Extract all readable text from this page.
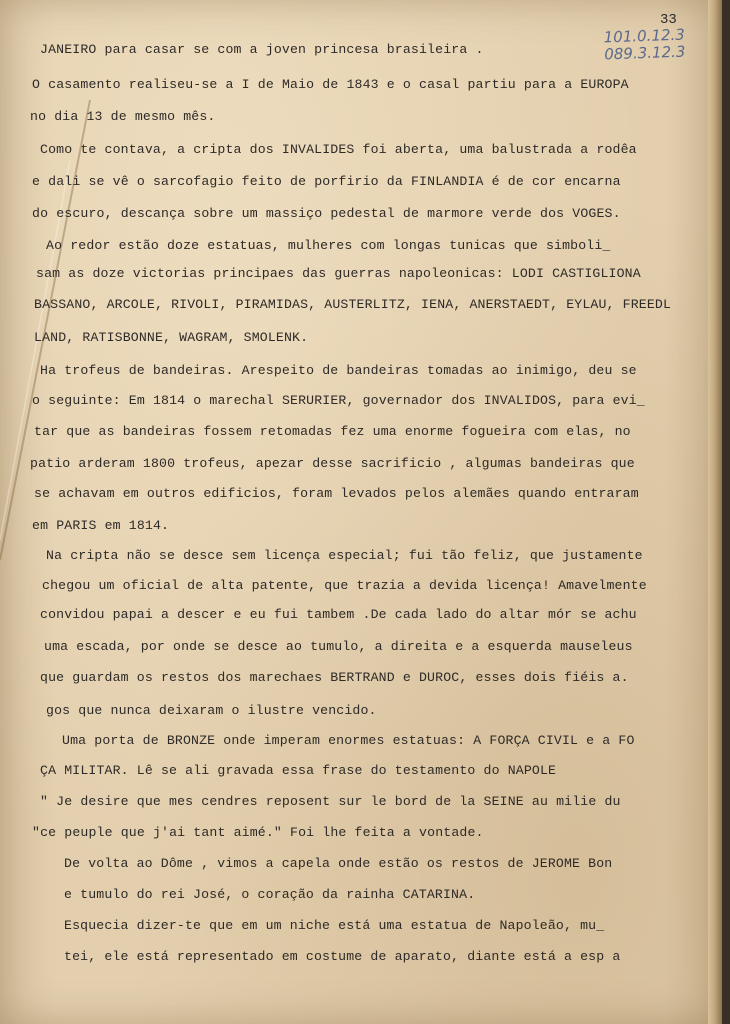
33
101.0.12.3
089.3.12.3
JANEIRO para casar se com a joven princesa brasileira .
O casamento realiseu-se a I de Maio de 1843 e o casal partiu para a EUROPA
no dia 13 de mesmo mês.
Como te contava, a cripta dos INVALIDES foi aberta, uma balustrada a rodêa
e dali se vê o sarcofagio feito de porfirio da FINLANDIA é de cor encarna
do escuro, descança sobre um massiço pedestal de marmore verde dos VOGES.
Ao redor estão doze estatuas, mulheres com longas tunicas que simboli_
sam as doze victorias principaes das guerras napoleonicas: LODI CASTIGLIONA
BASSANO, ARCOLE, RIVOLI, PIRAMIDAS, AUSTERLITZ, IENA, ANERSTAEDT, EYLAU, FREEDL
LAND, RATISBONNE, WAGRAM, SMOLENK.
Ha trofeus de bandeiras. Arespeito de bandeiras tomadas ao inimigo, deu se
o seguinte: Em 1814 o marechal SERURIER, governador dos INVALIDOS, para evi_
tar que as bandeiras fossem retomadas fez uma enorme fogueira com elas, no
patio arderam 1800 trofeus, apezar desse sacrificio , algumas bandeiras que
se achavam em outros edificios, foram levados pelos alemães quando entraram
em PARIS em 1814.
Na cripta não se desce sem licença especial; fui tão feliz, que justamente
chegou um oficial de alta patente, que trazia a devida licença! Amavelmente
convidou papai a descer e eu fui tambem .De cada lado do altar mór se achu
uma escada, por onde se desce ao tumulo, a direita e a esquerda mauseleus
que guardam os restos dos marechaes BERTRAND e DUROC, esses dois fiéis a.
gos que nunca deixaram o ilustre vencido.
Uma porta de BRONZE onde imperam enormes estatuas: A FORÇA CIVIL e a FO
ÇA MILITAR. Lê se ali gravada essa frase do testamento do NAPOLE
" Je desire que mes cendres reposent sur le bord de la SEINE au milie du
"ce peuple que j'ai tant aimé." Foi lhe feita a vontade.
De volta ao Dôme , vimos a capela onde estão os restos de JEROME Bon
e tumulo do rei José, o coração da rainha CATARINA.
Esquecia dizer-te que em um niche está uma estatua de Napoleão, mu_
tei, ele está representado em costume de aparato, diante está a esp a
